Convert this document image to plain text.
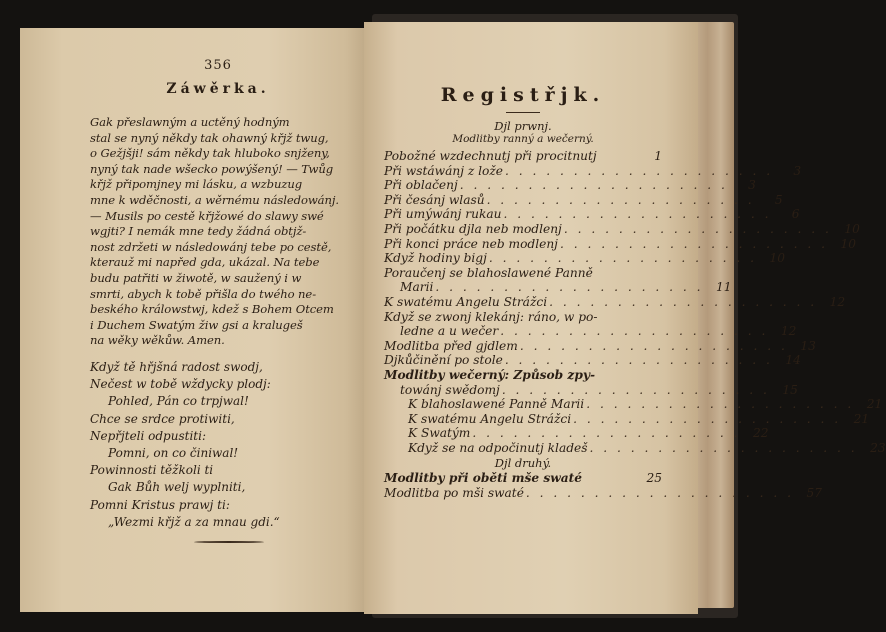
356
Záwěrka.
Gak přeslawným a uctěný hodným
stal se nyný někdy tak ohawný křjž twug,
o Gežjšji! sám někdy tak hluboko snjženy,
nyný tak nade wšecko powýšený! — Twůg
křjž připomjney mi lásku, a wzbuzug
mne k wděčnosti, a wěrnému následowánj.
— Musils po cestě křjžowé do slawy swé
wgjti? I nemák mne tedy žádná obtjž-
nost zdržeti w následowánj tebe po cestě,
kterauž mi napřed gda, ukázal. Na tebe
budu patřiti w žiwotě, w saužený i w
smrti, abych k tobě přišla do twého ne-
beského králowstwj, kdež s Bohem Otcem
i Duchem Swatým žiw gsi a kralugeš
na wěky wěkůw. Amen.
Když tě hřjšná radost swodj,
Nečest w tobě wždycky plodj:
Pohled, Pán co trpjwal!
Chce se srdce protiwiti,
Nepřjteli odpustiti:
Pomni, on co činiwal!
Powinnosti těžkoli ti
Gak Bůh welj wyplniti,
Pomni Kristus prawj ti:
„Wezmi křjž a za mnau gdi.“
Registřjk.
Djl prwnj.
Modlitby ranný a wečerný.
Pobožné wzdechnutj při procitnutj	1
Při wstáwánj z lože . . . . . . . . . . . . . . . . . . . .	3
Při oblačenj . . . . . . . . . . . . . . . . . . . .	3
Při česánj wlasů . . . . . . . . . . . . . . . . . . . .	5
Při umýwánj rukau . . . . . . . . . . . . . . . . . . . .	6
Při počátku djla neb modlenj . . . . . . . . . . . . . . . . . . . .	10
Při konci práce neb modlenj . . . . . . . . . . . . . . . . . . . .	10
Když hodiny bigj . . . . . . . . . . . . . . . . . . . .	10
Poraučenj se blahoslawené Panně
Marii . . . . . . . . . . . . . . . . . . . .	11
K swatému Angelu Strážci . . . . . . . . . . . . . . . . . . . .	12
Když se zwonj klekánj: ráno, w po-
ledne a u wečer . . . . . . . . . . . . . . . . . . . .	12
Modlitba před gjdlem . . . . . . . . . . . . . . . . . . . .	13
Djkůčinění po stole . . . . . . . . . . . . . . . . . . . .	14
Modlitby wečerný: Způsob zpy-
towánj swědomj . . . . . . . . . . . . . . . . . . . .	15
K blahoslawené Panně Marii . . . . . . . . . . . . . . . . . . . .	21
K swatému Angelu Strážci . . . . . . . . . . . . . . . . . . . .	21
K Swatým . . . . . . . . . . . . . . . . . . . .	22
Když se na odpočinutj kladeš . . . . . . . . . . . . . . . . . . . .	23
Djl druhý.
Modlitby při oběti mše swaté	25
Modlitba po mši swaté . . . . . . . . . . . . . . . . . . . .	57
